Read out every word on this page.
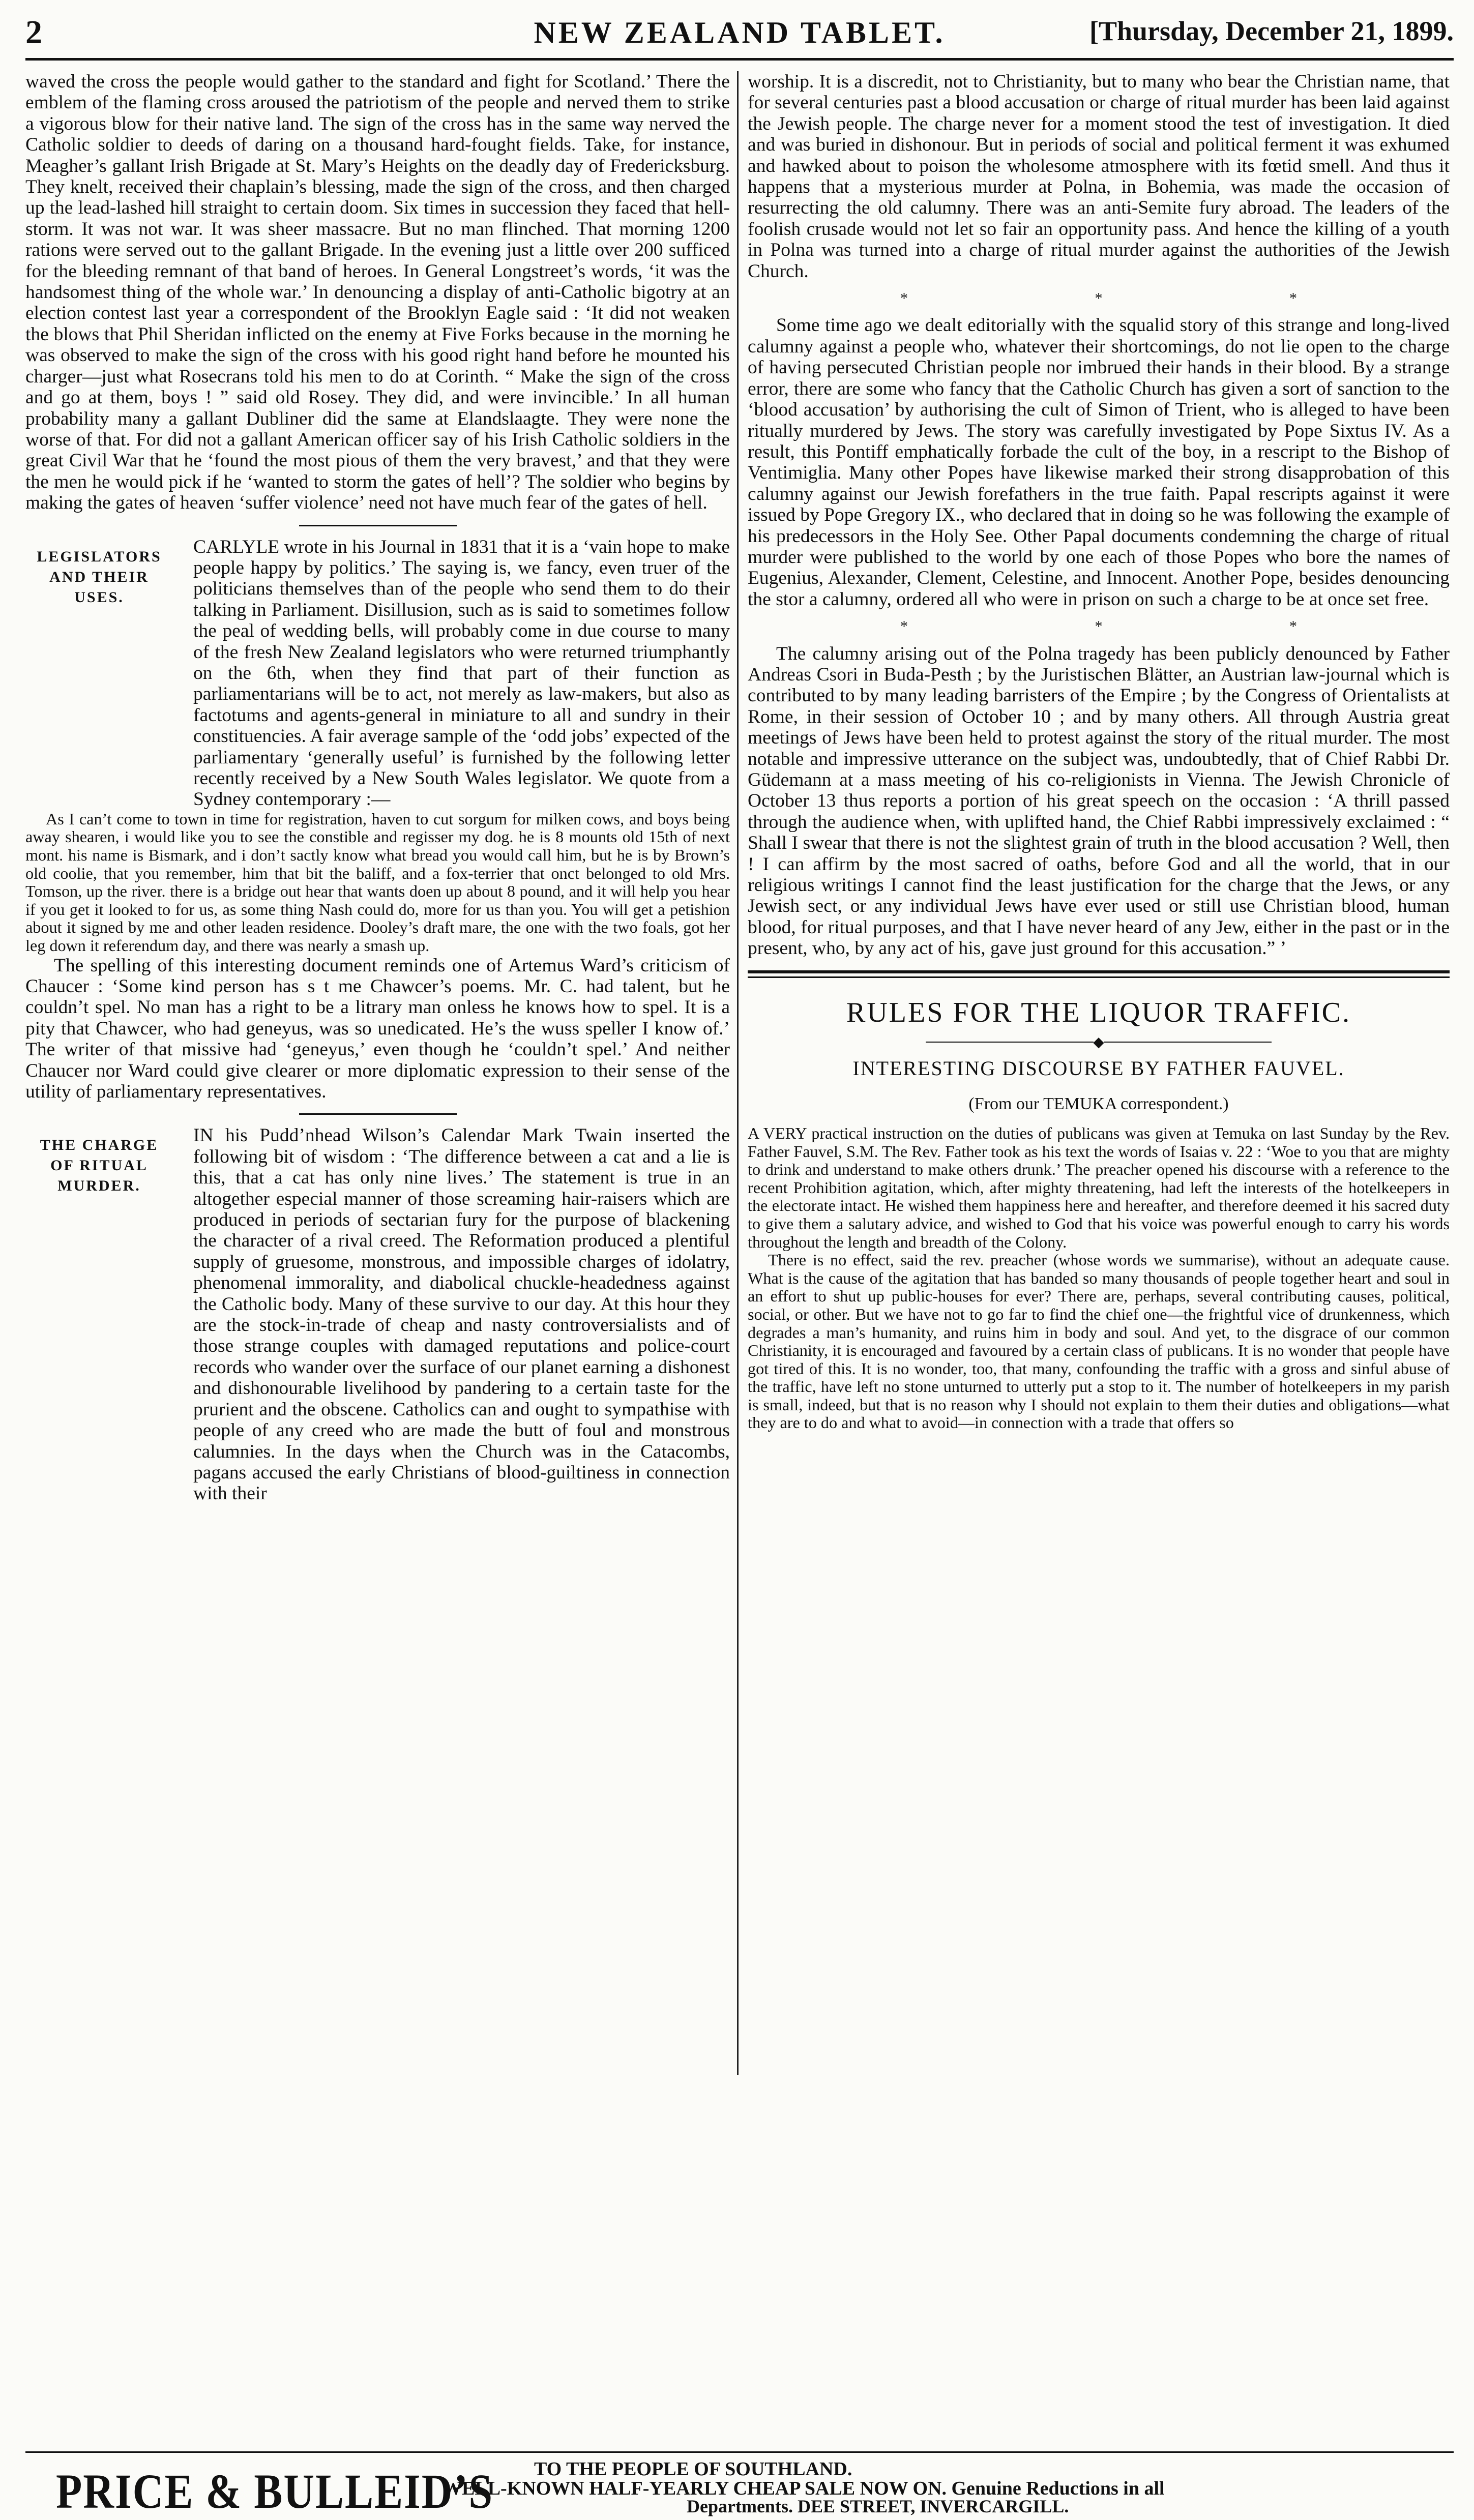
2	NEW ZEALAND TABLET.	[Thursday, December 21, 1899.

waved the cross the people would gather to the standard and fight for Scotland.’ There the emblem of the flaming cross aroused the patriotism of the people and nerved them to strike a vigorous blow for their native land. The sign of the cross has in the same way nerved the Catholic soldier to deeds of daring on a thousand hard-fought fields. Take, for instance, Meagher’s gallant Irish Brigade at St. Mary’s Heights on the deadly day of Fredericksburg. They knelt, received their chaplain’s blessing, made the sign of the cross, and then charged up the lead-lashed hill straight to certain doom. Six times in succession they faced that hell-storm. It was not war. It was sheer massacre. But no man flinched. That morning 1200 rations were served out to the gallant Brigade. In the evening just a little over 200 sufficed for the bleeding remnant of that band of heroes. In General Longstreet’s words, ‘it was the handsomest thing of the whole war.’ In denouncing a display of anti-Catholic bigotry at an election contest last year a correspondent of the Brooklyn Eagle said : ‘It did not weaken the blows that Phil Sheridan inflicted on the enemy at Five Forks because in the morning he was observed to make the sign of the cross with his good right hand before he mounted his charger—just what Rosecrans told his men to do at Corinth. “ Make the sign of the cross and go at them, boys ! ” said old Rosey. They did, and were invincible.’ In all human probability many a gallant Dubliner did the same at Elandslaagte. They were none the worse of that. For did not a gallant American officer say of his Irish Catholic soldiers in the great Civil War that he ‘found the most pious of them the very bravest,’ and that they were the men he would pick if he ‘wanted to storm the gates of hell’? The soldier who begins by making the gates of heaven ‘suffer violence’ need not have much fear of the gates of hell.

LEGISLATORS AND THEIR USES.

CARLYLE wrote in his Journal in 1831 that it is a ‘vain hope to make people happy by politics.’ The saying is, we fancy, even truer of the politicians themselves than of the people who send them to do their talking in Parliament. Disillusion, such as is said to sometimes follow the peal of wedding bells, will probably come in due course to many of the fresh New Zealand legislators who were returned triumphantly on the 6th, when they find that part of their function as parliamentarians will be to act, not merely as law-makers, but also as factotums and agents-general in miniature to all and sundry in their constituencies. A fair average sample of the ‘odd jobs’ expected of the parliamentary ‘generally useful’ is furnished by the following letter recently received by a New South Wales legislator. We quote from a Sydney contemporary :—

As I can’t come to town in time for registration, haven to cut sorgum for milken cows, and boys being away shearen, i would like you to see the constible and regisser my dog. he is 8 mounts old 15th of next mont. his name is Bismark, and i don’t sactly know what bread you would call him, but he is by Brown’s old coolie, that you remember, him that bit the baliff, and a fox-terrier that onct belonged to old Mrs. Tomson, up the river. there is a bridge out hear that wants doen up about 8 pound, and it will help you hear if you get it looked to for us, as some thing Nash could do, more for us than you. You will get a petishion about it signed by me and other leaden residence. Dooley’s draft mare, the one with the two foals, got her leg down it referendum day, and there was nearly a smash up.

The spelling of this interesting document reminds one of Artemus Ward’s criticism of Chaucer : ‘Some kind person has s t me Chawcer’s poems. Mr. C. had talent, but he couldn’t spel. No man has a right to be a litrary man onless he knows how to spel. It is a pity that Chawcer, who had geneyus, was so unedicated. He’s the wuss speller I know of.’ The writer of that missive had ‘geneyus,’ even though he ‘couldn’t spel.’ And neither Chaucer nor Ward could give clearer or more diplomatic expression to their sense of the utility of parliamentary representatives.

THE CHARGE OF RITUAL MURDER.

IN his Pudd’nhead Wilson’s Calendar Mark Twain inserted the following bit of wisdom : ‘The difference between a cat and a lie is this, that a cat has only nine lives.’ The statement is true in an altogether especial manner of those screaming hair-raisers which are produced in periods of sectarian fury for the purpose of blackening the character of a rival creed. The Reformation produced a plentiful supply of gruesome, monstrous, and impossible charges of idolatry, phenomenal immorality, and diabolical chuckle-headedness against the Catholic body. Many of these survive to our day. At this hour they are the stock-in-trade of cheap and nasty controversialists and of those strange couples with damaged reputations and police-court records who wander over the surface of our planet earning a dishonest and dishonourable livelihood by pandering to a certain taste for the prurient and the obscene. Catholics can and ought to sympathise with people of any creed who are made the butt of foul and monstrous calumnies. In the days when the Church was in the Catacombs, pagans accused the early Christians of blood-guiltiness in connection with their

worship. It is a discredit, not to Christianity, but to many who bear the Christian name, that for several centuries past a blood accusation or charge of ritual murder has been laid against the Jewish people. The charge never for a moment stood the test of investigation. It died and was buried in dishonour. But in periods of social and political ferment it was exhumed and hawked about to poison the wholesome atmosphere with its fœtid smell. And thus it happens that a mysterious murder at Polna, in Bohemia, was made the occasion of resurrecting the old calumny. There was an anti-Semite fury abroad. The leaders of the foolish crusade would not let so fair an opportunity pass. And hence the killing of a youth in Polna was turned into a charge of ritual murder against the authorities of the Jewish Church.

* * *

Some time ago we dealt editorially with the squalid story of this strange and long-lived calumny against a people who, whatever their shortcomings, do not lie open to the charge of having persecuted Christian people nor imbrued their hands in their blood. By a strange error, there are some who fancy that the Catholic Church has given a sort of sanction to the ‘blood accusation’ by authorising the cult of Simon of Trient, who is alleged to have been ritually murdered by Jews. The story was carefully investigated by Pope Sixtus IV. As a result, this Pontiff emphatically forbade the cult of the boy, in a rescript to the Bishop of Ventimiglia. Many other Popes have likewise marked their strong disapprobation of this calumny against our Jewish forefathers in the true faith. Papal rescripts against it were issued by Pope Gregory IX., who declared that in doing so he was following the example of his predecessors in the Holy See. Other Papal documents condemning the charge of ritual murder were published to the world by one each of those Popes who bore the names of Eugenius, Alexander, Clement, Celestine, and Innocent. Another Pope, besides denouncing the stor a calumny, ordered all who were in prison on such a charge to be at once set free.

* * *

The calumny arising out of the Polna tragedy has been publicly denounced by Father Andreas Csori in Buda-Pesth ; by the Juristischen Blätter, an Austrian law-journal which is contributed to by many leading barristers of the Empire ; by the Congress of Orientalists at Rome, in their session of October 10 ; and by many others. All through Austria great meetings of Jews have been held to protest against the story of the ritual murder. The most notable and impressive utterance on the subject was, undoubtedly, that of Chief Rabbi Dr. Güdemann at a mass meeting of his co-religionists in Vienna. The Jewish Chronicle of October 13 thus reports a portion of his great speech on the occasion : ‘A thrill passed through the audience when, with uplifted hand, the Chief Rabbi impressively exclaimed : “ Shall I swear that there is not the slightest grain of truth in the blood accusation ? Well, then ! I can affirm by the most sacred of oaths, before God and all the world, that in our religious writings I cannot find the least justification for the charge that the Jews, or any Jewish sect, or any individual Jews have ever used or still use Christian blood, human blood, for ritual purposes, and that I have never heard of any Jew, either in the past or in the present, who, by any act of his, gave just ground for this accusation.” ’

RULES FOR THE LIQUOR TRAFFIC.
◆
INTERESTING DISCOURSE BY FATHER FAUVEL.
(From our TEMUKA correspondent.)

A VERY practical instruction on the duties of publicans was given at Temuka on last Sunday by the Rev. Father Fauvel, S.M. The Rev. Father took as his text the words of Isaias v. 22 : ‘Woe to you that are mighty to drink and understand to make others drunk.’ The preacher opened his discourse with a reference to the recent Prohibition agitation, which, after mighty threatening, had left the interests of the hotelkeepers in the electorate intact. He wished them happiness here and hereafter, and therefore deemed it his sacred duty to give them a salutary advice, and wished to God that his voice was powerful enough to carry his words throughout the length and breadth of the Colony.

There is no effect, said the rev. preacher (whose words we summarise), without an adequate cause. What is the cause of the agitation that has banded so many thousands of people together heart and soul in an effort to shut up public-houses for ever? There are, perhaps, several contributing causes, political, social, or other. But we have not to go far to find the chief one—the frightful vice of drunkenness, which degrades a man’s humanity, and ruins him in body and soul. And yet, to the disgrace of our common Christianity, it is encouraged and favoured by a certain class of publicans. It is no wonder that people have got tired of this. It is no wonder, too, that many, confounding the traffic with a gross and sinful abuse of the traffic, have left no stone unturned to utterly put a stop to it. The number of hotelkeepers in my parish is small, indeed, but that is no reason why I should not explain to them their duties and obligations—what they are to do and what to avoid—in connection with a trade that offers so

PRICE & BULLEID’S TO THE PEOPLE OF SOUTHLAND.
WELL-KNOWN HALF-YEARLY CHEAP SALE NOW ON. Genuine Reductions in all
Departments. DEE STREET, INVERCARGILL.
